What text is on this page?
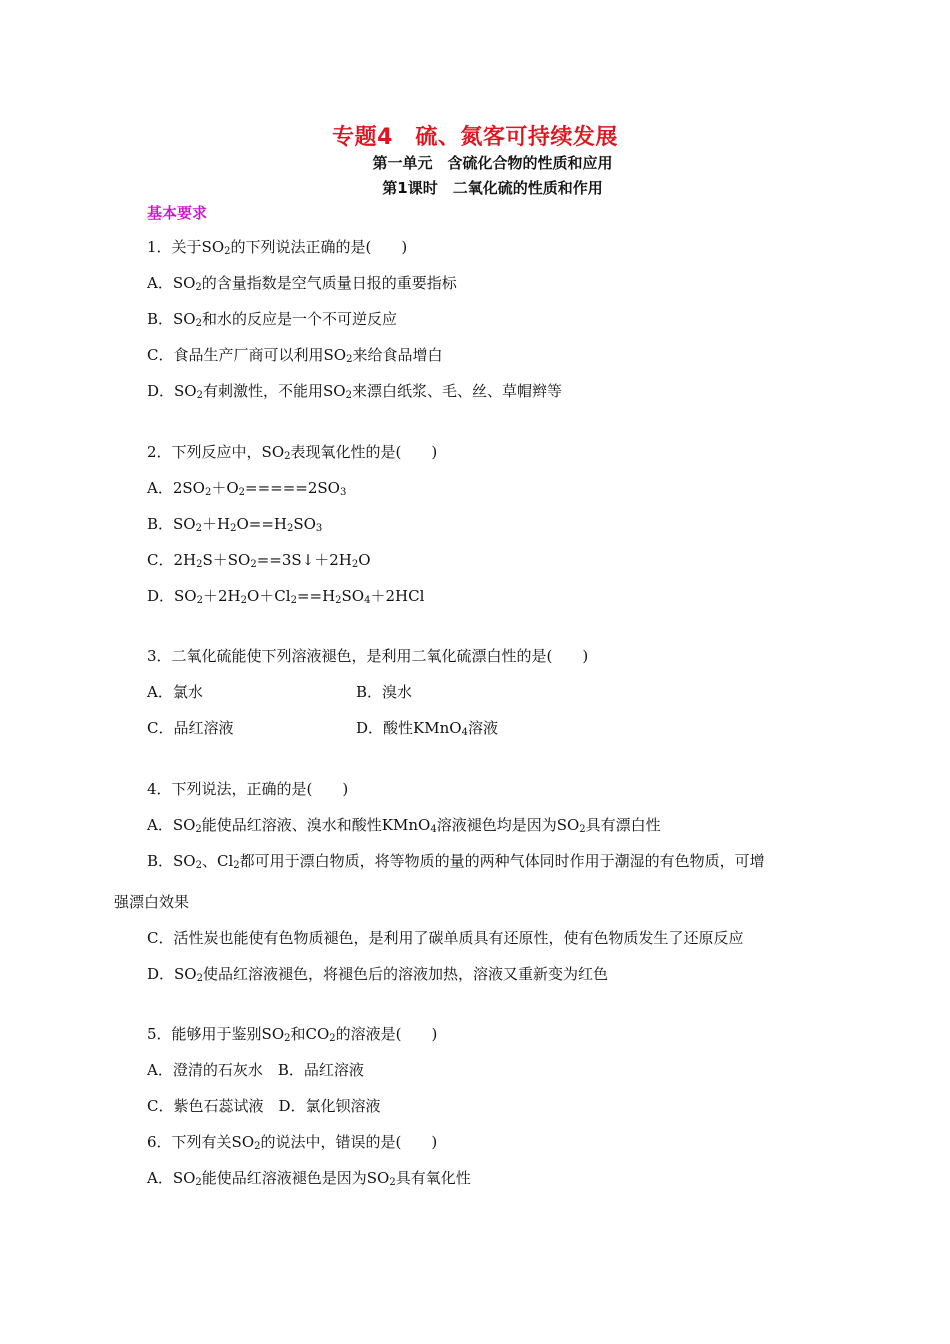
专题4　硫、氮客可持续发展
第一单元　含硫化合物的性质和应用
第1课时　二氧化硫的性质和作用
基本要求
1．关于$SO_2$的下列说法正确的是(　　)
A．$SO_2$的含量指数是空气质量日报的重要指标
B．$SO_2$和水的反应是一个不可逆反应
C．食品生产厂商可以利用$SO_2$来给食品增白
D．$SO_2$有刺激性，不能用$SO_2$来漂白纸浆、毛、丝、草帽辫等
2．下列反应中，$SO_2$表现氧化性的是(　　)
A．$2SO_2+O_2=====2SO_3$
B．$SO_2+H_2O==H_2SO_3$
C．$2H_2S+SO_2==3S↓+2H_2O$
D．$SO_2+2H_2O+Cl_2==H_2SO_4+2HCl$
3．二氧化硫能使下列溶液褪色，是利用二氧化硫漂白性的是(　　)
A．氯水	B．溴水
C．品红溶液	D．酸性KMnO$_4$溶液
4．下列说法，正确的是(　　)
A．$SO_2$能使品红溶液、溴水和酸性KMnO$_4$溶液褪色均是因为$SO_2$具有漂白性
B．$SO_2$、$Cl_2$都可用于漂白物质，将等物质的量的两种气体同时作用于潮湿的有色物质，可增
强漂白效果
C．活性炭也能使有色物质褪色，是利用了碳单质具有还原性，使有色物质发生了还原反应
D．$SO_2$使品红溶液褪色，将褪色后的溶液加热，溶液又重新变为红色
5．能够用于鉴别$SO_2$和$CO_2$的溶液是(　　)
A．澄清的石灰水　B．品红溶液
C．紫色石蕊试液　D．氯化钡溶液
6．下列有关$SO_2$的说法中，错误的是(　　)
A．$SO_2$能使品红溶液褪色是因为$SO_2$具有氧化性
